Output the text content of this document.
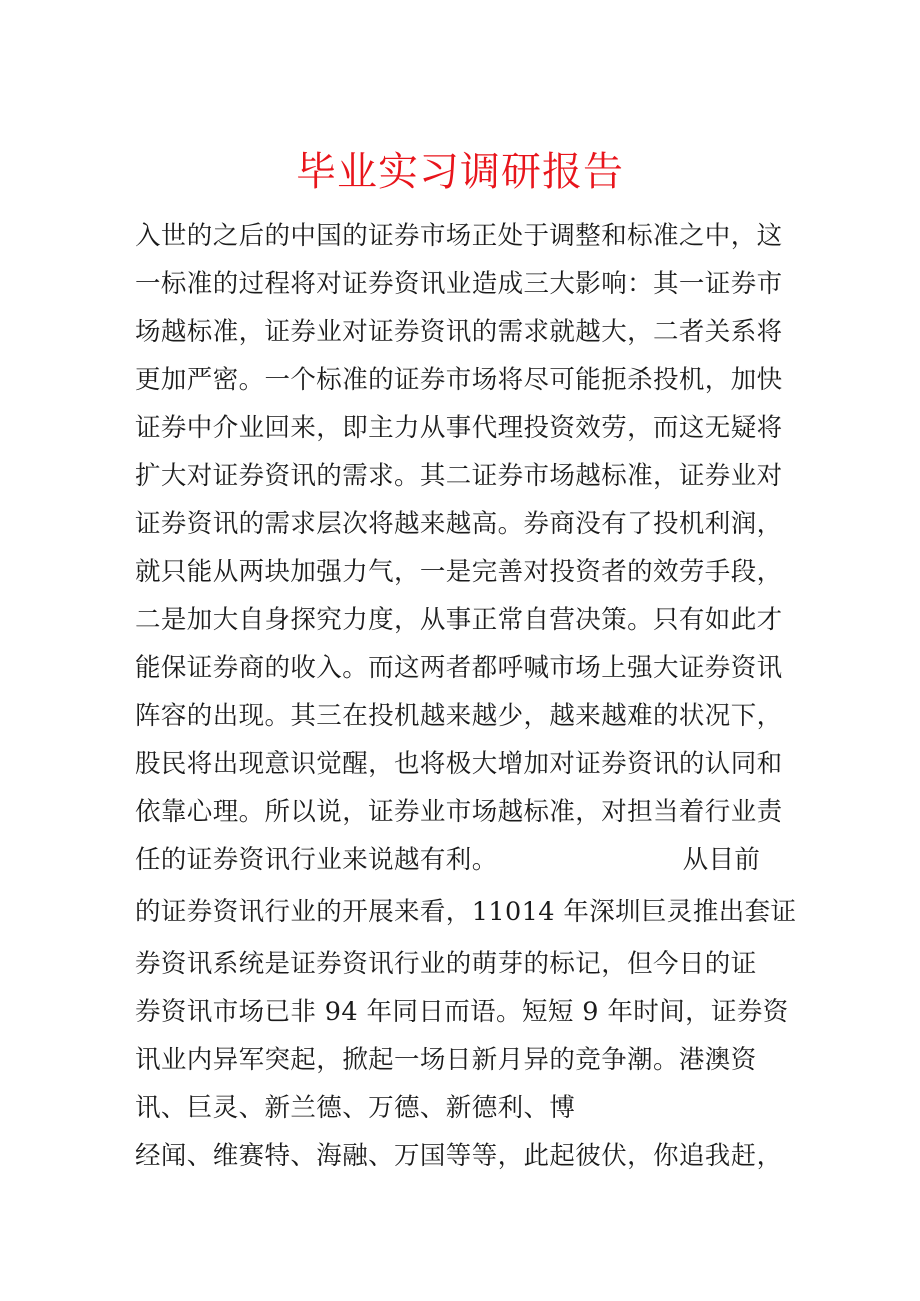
毕业实习调研报告
入世的之后的中国的证券市场正处于调整和标准之中，这
一标准的过程将对证券资讯业造成三大影响：其一证券市
场越标准，证券业对证券资讯的需求就越大，二者关系将
更加严密。一个标准的证券市场将尽可能扼杀投机，加快
证券中介业回来，即主力从事代理投资效劳，而这无疑将
扩大对证券资讯的需求。其二证券市场越标准，证券业对
证券资讯的需求层次将越来越高。券商没有了投机利润，
就只能从两块加强力气，一是完善对投资者的效劳手段，
二是加大自身探究力度，从事正常自营决策。只有如此才
能保证券商的收入。而这两者都呼喊市场上强大证券资讯
阵容的出现。其三在投机越来越少，越来越难的状况下，
股民将出现意识觉醒，也将极大增加对证券资讯的认同和
依靠心理。所以说，证券业市场越标准，对担当着行业责
任的证券资讯行业来说越有利。	从目前
的证券资讯行业的开展来看，11014 年深圳巨灵推出套证
券资讯系统是证券资讯行业的萌芽的标记，但今日的证
券资讯市场已非 94 年同日而语。短短 9 年时间，证券资
讯业内异军突起，掀起一场日新月异的竞争潮。港澳资
讯、巨灵、新兰德、万德、新德利、博
经闻、维赛特、海融、万国等等，此起彼伏，你追我赶，
